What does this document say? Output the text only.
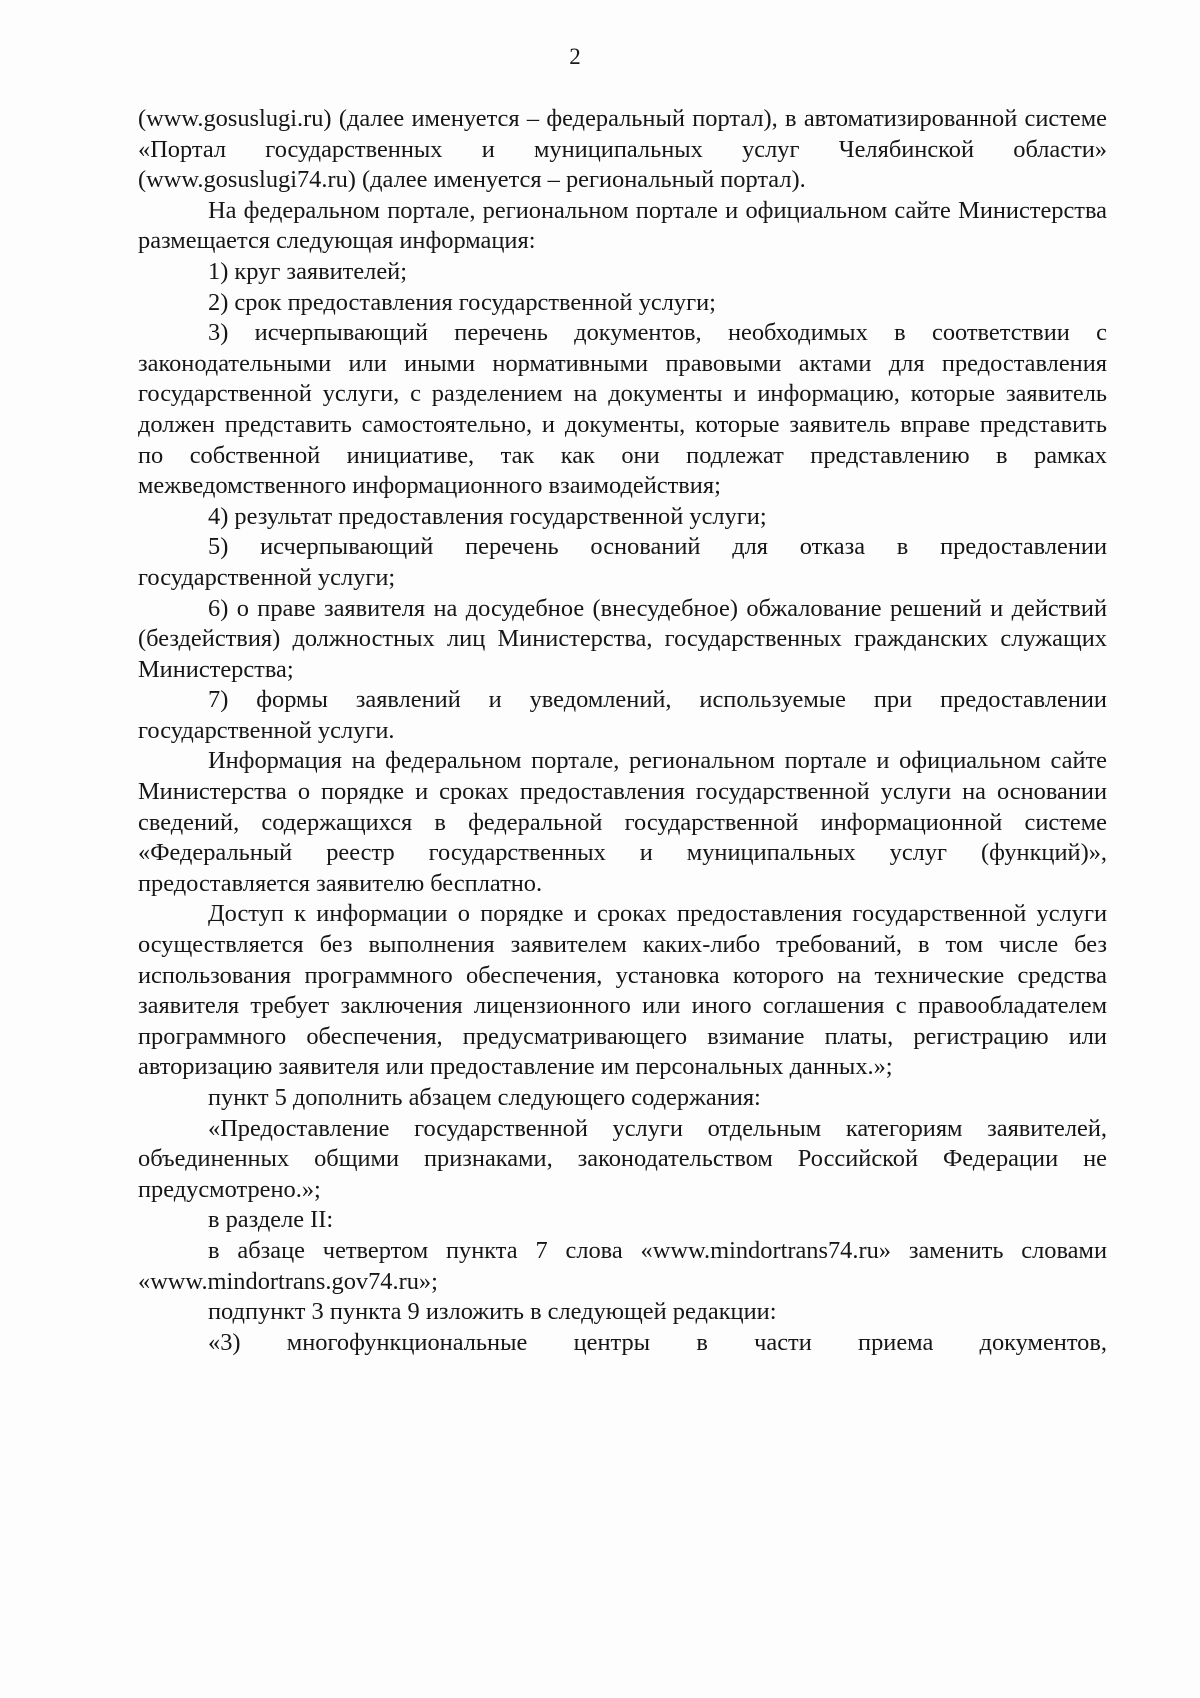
2

(www.gosuslugi.ru) (далее именуется – федеральный портал), в автоматизированной системе «Портал государственных и муниципальных услуг Челябинской области» (www.gosuslugi74.ru) (далее именуется – региональный портал).

На федеральном портале, региональном портале и официальном сайте Министерства размещается следующая информация:

1) круг заявителей;

2) срок предоставления государственной услуги;

3) исчерпывающий перечень документов, необходимых в соответствии с законодательными или иными нормативными правовыми актами для предоставления государственной услуги, с разделением на документы и информацию, которые заявитель должен представить самостоятельно, и документы, которые заявитель вправе представить по собственной инициативе, так как они подлежат представлению в рамках межведомственного информационного взаимодействия;

4) результат предоставления государственной услуги;

5) исчерпывающий перечень оснований для отказа в предоставлении государственной услуги;

6) о праве заявителя на досудебное (внесудебное) обжалование решений и действий (бездействия) должностных лиц Министерства, государственных гражданских служащих Министерства;

7) формы заявлений и уведомлений, используемые при предоставлении государственной услуги.

Информация на федеральном портале, региональном портале и официальном сайте Министерства о порядке и сроках предоставления государственной услуги на основании сведений, содержащихся в федеральной государственной информационной системе «Федеральный реестр государственных и муниципальных услуг (функций)», предоставляется заявителю бесплатно.

Доступ к информации о порядке и сроках предоставления государственной услуги осуществляется без выполнения заявителем каких-либо требований, в том числе без использования программного обеспечения, установка которого на технические средства заявителя требует заключения лицензионного или иного соглашения с правообладателем программного обеспечения, предусматривающего взимание платы, регистрацию или авторизацию заявителя или предоставление им персональных данных.»;

пункт 5 дополнить абзацем следующего содержания:

«Предоставление государственной услуги отдельным категориям заявителей, объединенных общими признаками, законодательством Российской Федерации не предусмотрено.»;

в разделе II:

в абзаце четвертом пункта 7 слова «www.mindortrans74.ru» заменить словами «www.mindortrans.gov74.ru»;

подпункт 3 пункта 9 изложить в следующей редакции:

«3) многофункциональные центры в части приема документов,
